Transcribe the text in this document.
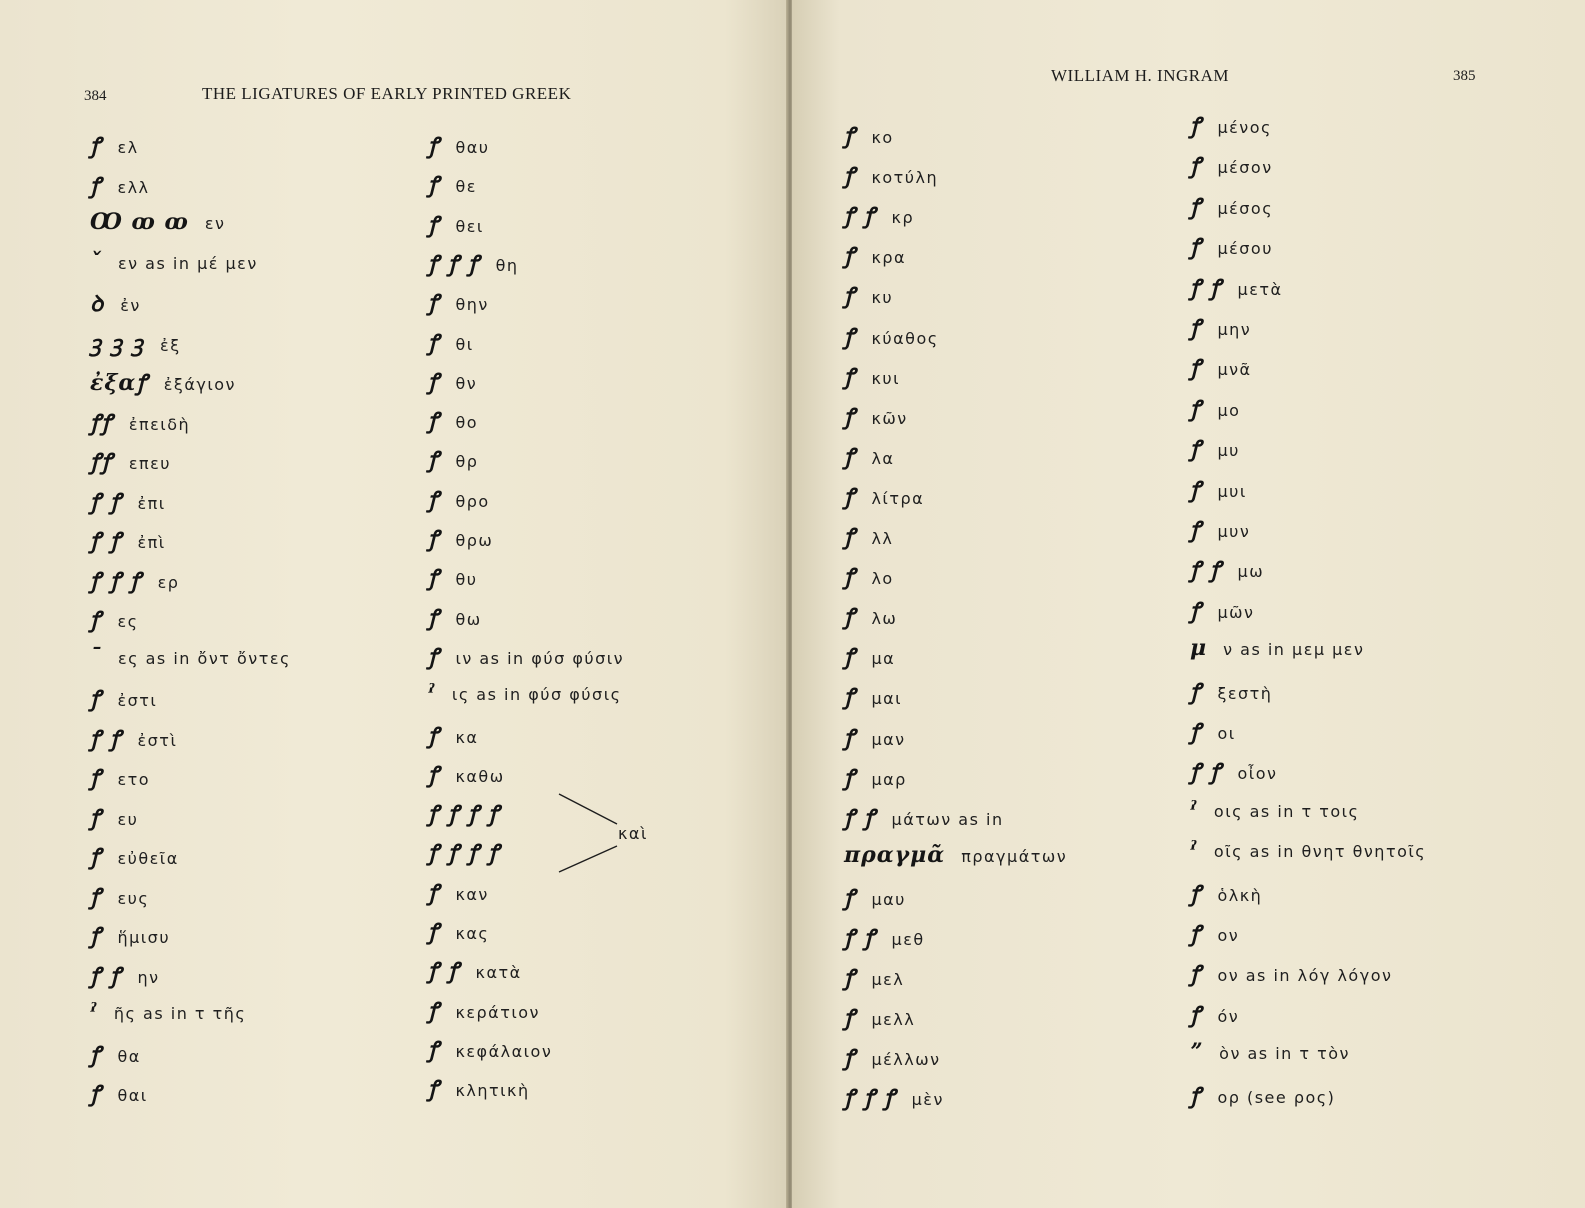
384	THE LIGATURES OF EARLY PRINTED GREEK
ꝭ ελ
ꝭ ελλ
Ꝏ ꝏ ꝏ εν
ˇ εν as in μέ μεν
ꝺ ἐν
ꝫ ꝫ ꝫ ἐξ
ἐξαꝭ ἐξάγιον
ꝭꝭ ἐπειδὴ
ꝭꝭ επευ
ꝭ ꝭ ἐπι
ꝭ ꝭ ἐπὶ
ꝭ ꝭ ꝭ ερ
ꝭ ες
ˉ ες as in ὄντ ὄντες
ꝭ ἐστι
ꝭ ꝭ ἐστὶ
ꝭ ετο
ꝭ ευ
ꝭ εὐθεῖα
ꝭ ευς
ꝭ ἥμισυ
ꝭ ꝭ ην
ˀ ῆς as in τ τῆς
ꝭ θα
ꝭ θαι
ꝭ θαυ
ꝭ θε
ꝭ θει
ꝭ ꝭ ꝭ θη
ꝭ θην
ꝭ θι
ꝭ θν
ꝭ θο
ꝭ θρ
ꝭ θρο
ꝭ θρω
ꝭ θυ
ꝭ θω
ꝭ ιν as in φύσ φύσιν
ˀ ις as in φύσ φύσις
ꝭ κα
ꝭ καθω
ꝭ ꝭ ꝭ ꝭ
ꝭ ꝭ ꝭ ꝭ
ꝭ καν
ꝭ κας
ꝭ ꝭ κατὰ
ꝭ κεράτιον
ꝭ κεφάλαιον
ꝭ κλητικὴ
καὶ
WILLIAM H. INGRAM	385
ꝭ κο
ꝭ κοτύλη
ꝭ ꝭ κρ
ꝭ κρα
ꝭ κυ
ꝭ κύαθος
ꝭ κυι
ꝭ κῶν
ꝭ λα
ꝭ λίτρα
ꝭ λλ
ꝭ λο
ꝭ λω
ꝭ μα
ꝭ μαι
ꝭ μαν
ꝭ μαρ
ꝭ ꝭ μάτων as in
πραγμᾶ πραγμάτων
ꝭ μαυ
ꝭ ꝭ μεθ
ꝭ μελ
ꝭ μελλ
ꝭ μέλλων
ꝭ ꝭ ꝭ μὲν
ꝭ μένος
ꝭ μέσον
ꝭ μέσος
ꝭ μέσου
ꝭ ꝭ μετὰ
ꝭ μην
ꝭ μνᾶ
ꝭ μο
ꝭ μυ
ꝭ μυι
ꝭ μυν
ꝭ ꝭ μω
ꝭ μῶν
μ ν as in μεμ μεν
ꝭ ξεστὴ
ꝭ οι
ꝭ ꝭ οἶον
ˀ οις as in τ τοις
ˀ οῖς as in θνητ θνητοῖς
ꝭ ὁλκὴ
ꝭ ον
ꝭ ον as in λόγ λόγον
ꝭ όν
ˮ ὸν as in τ τὸν
ꝭ ορ (see ρος)
